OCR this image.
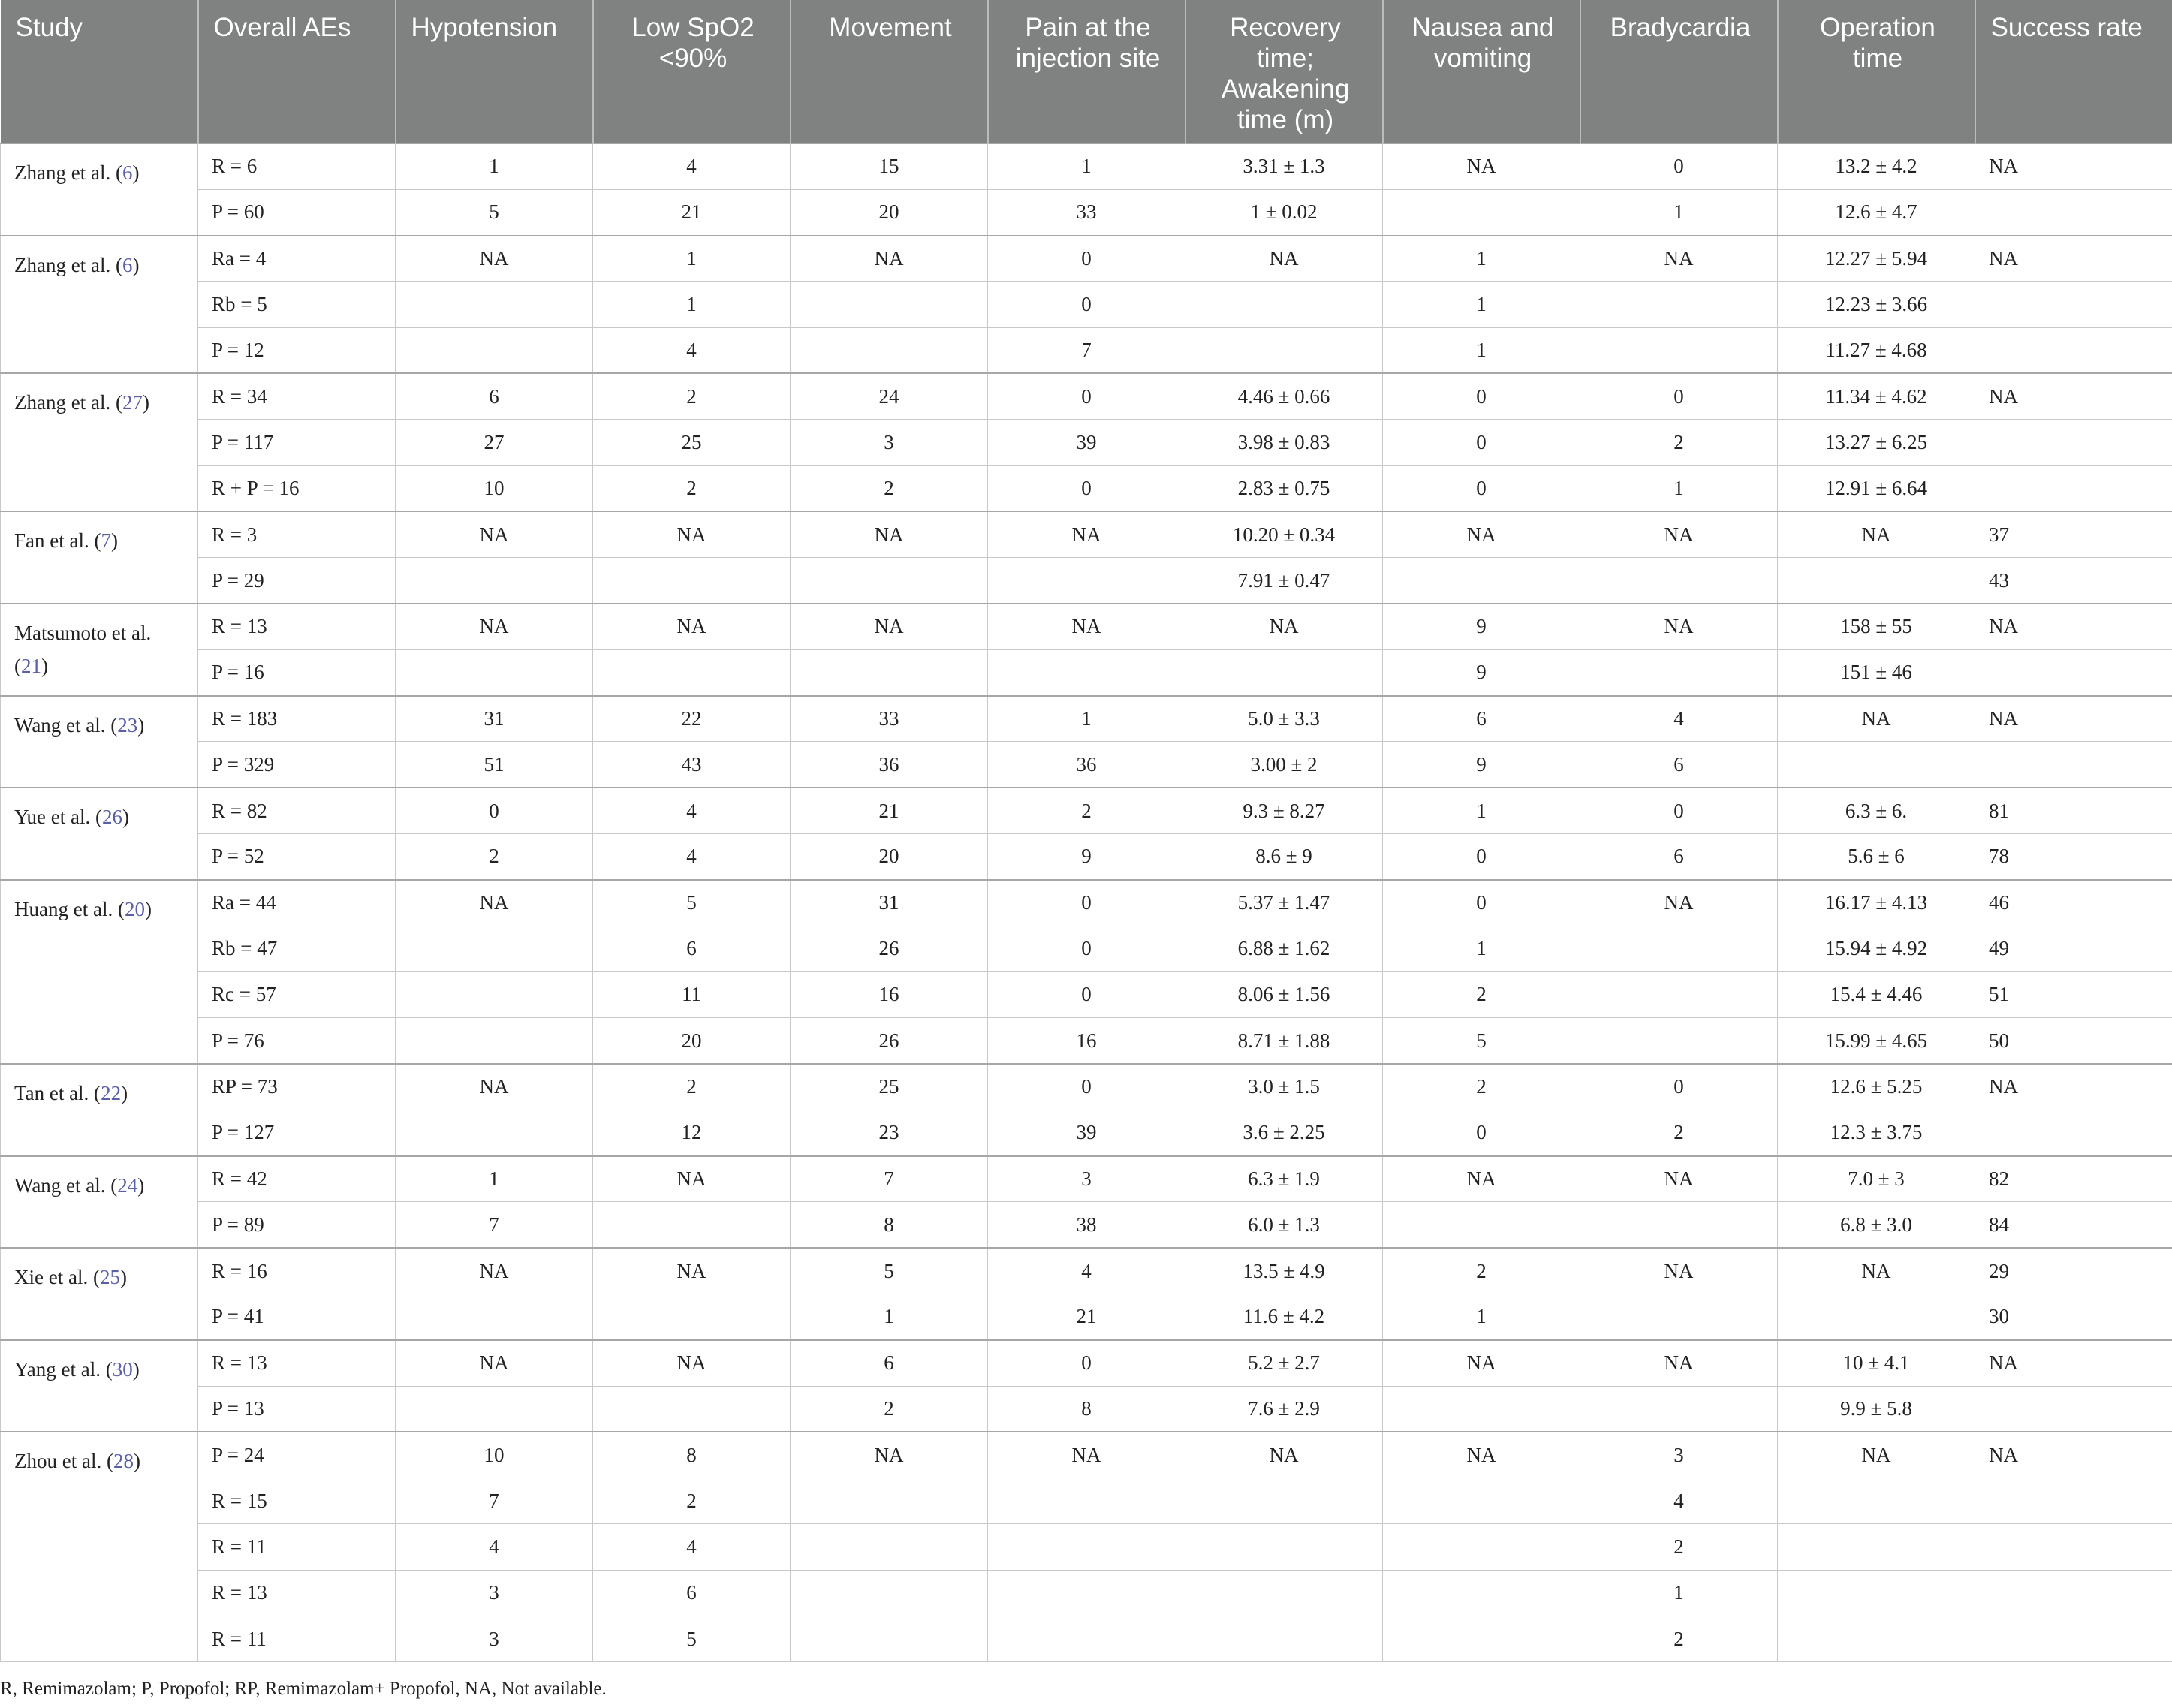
Study	Overall AEs	Hypotension	Low SpO2 <90%	Movement	Pain at the injection site	Recovery time; Awakening time (m)	Nausea and vomiting	Bradycardia	Operation time	Success rate
Zhang et al. (6)	R = 6	1	4	15	1	3.31 ± 1.3	NA	0	13.2 ± 4.2	NA
	P = 60	5	21	20	33	1 ± 0.02		1	12.6 ± 4.7	
Zhang et al. (6)	Ra = 4	NA	1	NA	0	NA	1	NA	12.27 ± 5.94	NA
	Rb = 5		1		0		1		12.23 ± 3.66	
	P = 12		4		7		1		11.27 ± 4.68	
Zhang et al. (27)	R = 34	6	2	24	0	4.46 ± 0.66	0	0	11.34 ± 4.62	NA
	P = 117	27	25	3	39	3.98 ± 0.83	0	2	13.27 ± 6.25	
	R + P = 16	10	2	2	0	2.83 ± 0.75	0	1	12.91 ± 6.64	
Fan et al. (7)	R = 3	NA	NA	NA	NA	10.20 ± 0.34	NA	NA	NA	37
	P = 29					7.91 ± 0.47				43
Matsumoto et al. (21)	R = 13	NA	NA	NA	NA	NA	9	NA	158 ± 55	NA
	P = 16						9		151 ± 46	
Wang et al. (23)	R = 183	31	22	33	1	5.0 ± 3.3	6	4	NA	NA
	P = 329	51	43	36	36	3.00 ± 2	9	6		
Yue et al. (26)	R = 82	0	4	21	2	9.3 ± 8.27	1	0	6.3 ± 6.	81
	P = 52	2	4	20	9	8.6 ± 9	0	6	5.6 ± 6	78
Huang et al. (20)	Ra = 44	NA	5	31	0	5.37 ± 1.47	0	NA	16.17 ± 4.13	46
	Rb = 47		6	26	0	6.88 ± 1.62	1		15.94 ± 4.92	49
	Rc = 57		11	16	0	8.06 ± 1.56	2		15.4 ± 4.46	51
	P = 76		20	26	16	8.71 ± 1.88	5		15.99 ± 4.65	50
Tan et al. (22)	RP = 73	NA	2	25	0	3.0 ± 1.5	2	0	12.6 ± 5.25	NA
	P = 127		12	23	39	3.6 ± 2.25	0	2	12.3 ± 3.75	
Wang et al. (24)	R = 42	1	NA	7	3	6.3 ± 1.9	NA	NA	7.0 ± 3	82
	P = 89	7		8	38	6.0 ± 1.3			6.8 ± 3.0	84
Xie et al. (25)	R = 16	NA	NA	5	4	13.5 ± 4.9	2	NA	NA	29
	P = 41			1	21	11.6 ± 4.2	1			30
Yang et al. (30)	R = 13	NA	NA	6	0	5.2 ± 2.7	NA	NA	10 ± 4.1	NA
	P = 13			2	8	7.6 ± 2.9			9.9 ± 5.8	
Zhou et al. (28)	P = 24	10	8	NA	NA	NA	NA	3	NA	NA
	R = 15	7	2					4		
	R = 11	4	4					2		
	R = 13	3	6					1		
	R = 11	3	5					2		
R, Remimazolam; P, Propofol; RP, Remimazolam+ Propofol, NA, Not available.
